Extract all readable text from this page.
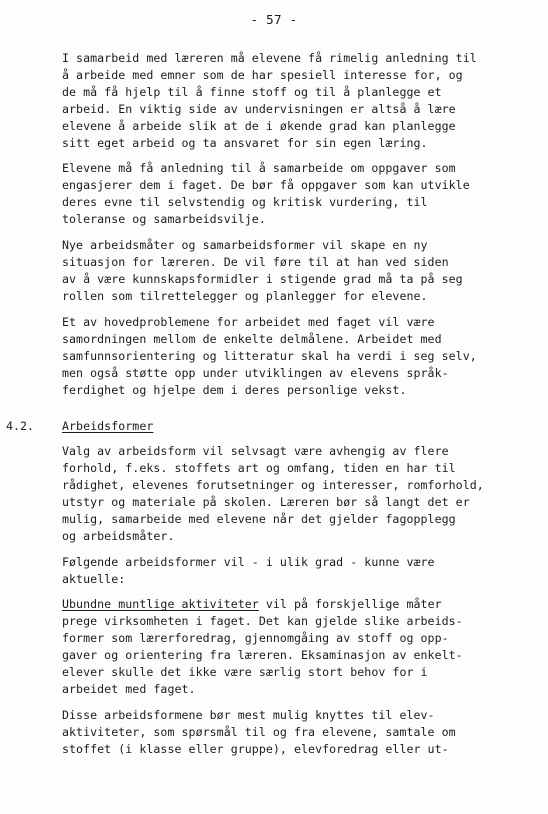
- 57 -
I samarbeid med læreren må elevene få rimelig anledning til
å arbeide med emner som de har spesiell interesse for, og
de må få hjelp til å finne stoff og til å planlegge et
arbeid. En viktig side av undervisningen er altså å lære
elevene å arbeide slik at de i økende grad kan planlegge
sitt eget arbeid og ta ansvaret for sin egen læring.
Elevene må få anledning til å samarbeide om oppgaver som
engasjerer dem i faget. De bør få oppgaver som kan utvikle
deres evne til selvstendig og kritisk vurdering, til
toleranse og samarbeidsvilje.
Nye arbeidsmåter og samarbeidsformer vil skape en ny
situasjon for læreren. De vil føre til at han ved siden
av å være kunnskapsformidler i stigende grad må ta på seg
rollen som tilrettelegger og planlegger for elevene.
Et av hovedproblemene for arbeidet med faget vil være
samordningen mellom de enkelte delmålene. Arbeidet med
samfunnsorientering og litteratur skal ha verdi i seg selv,
men også støtte opp under utviklingen av elevens språk-
ferdighet og hjelpe dem i deres personlige vekst.
4.2. Arbeidsformer
Valg av arbeidsform vil selvsagt være avhengig av flere
forhold, f.eks. stoffets art og omfang, tiden en har til
rådighet, elevenes forutsetninger og interesser, romforhold,
utstyr og materiale på skolen. Læreren bør så langt det er
mulig, samarbeide med elevene når det gjelder fagopplegg
og arbeidsmåter.
Følgende arbeidsformer vil - i ulik grad - kunne være
aktuelle:
Ubundne muntlige aktiviteter vil på forskjellige måter
prege virksomheten i faget. Det kan gjelde slike arbeids-
former som lærerforedrag, gjennomgåing av stoff og opp-
gaver og orientering fra læreren. Eksaminasjon av enkelt-
elever skulle det ikke være særlig stort behov for i
arbeidet med faget.
Disse arbeidsformene bør mest mulig knyttes til elev-
aktiviteter, som spørsmål til og fra elevene, samtale om
stoffet (i klasse eller gruppe), elevforedrag eller ut-
